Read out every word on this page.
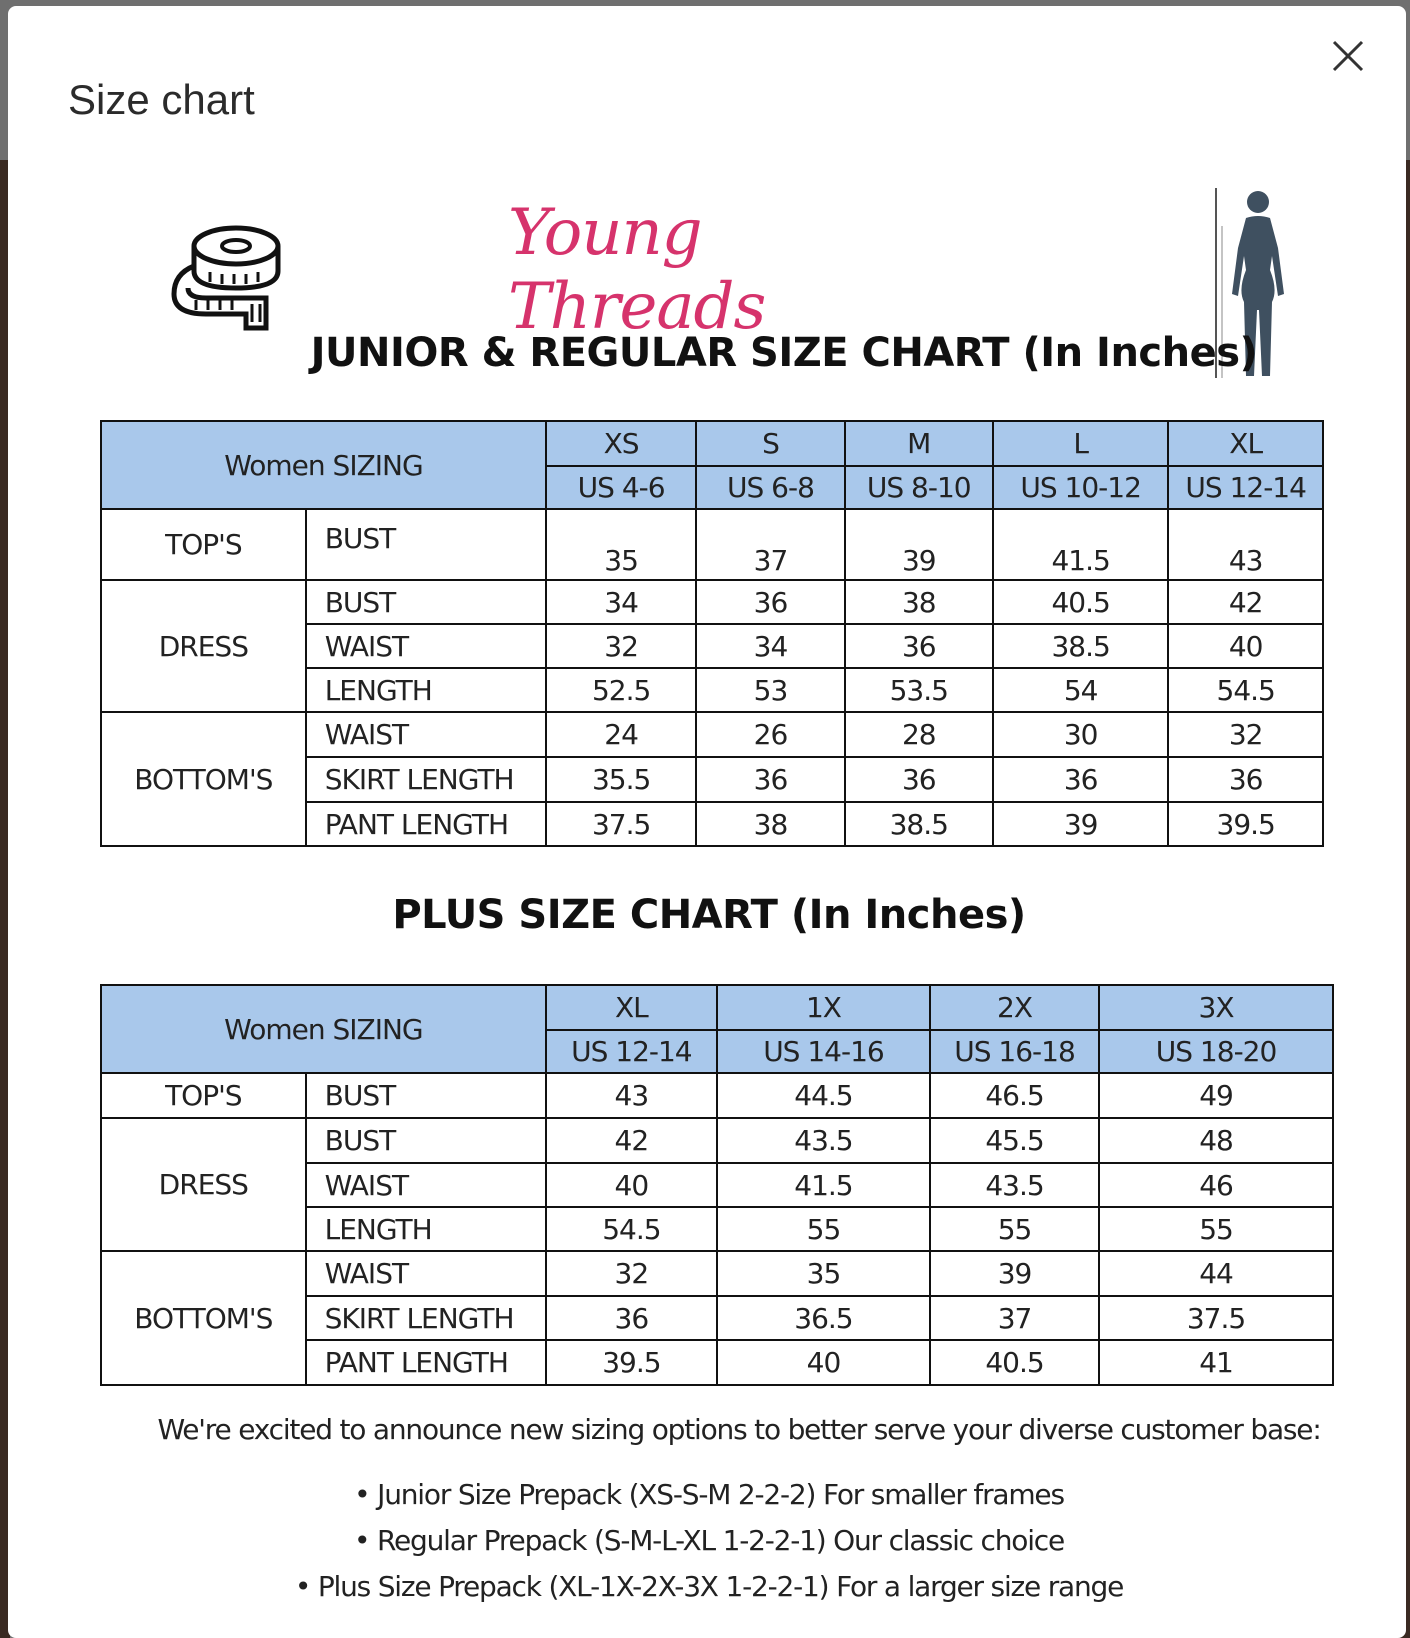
Size chart
Young Threads
JUNIOR & REGULAR SIZE CHART (In Inches)
Women SIZING		XS	S	M	L	XL
		US 4-6	US 6-8	US 8-10	US 10-12	US 12-14
TOP'S	BUST	35	37	39	41.5	43
DRESS	BUST	34	36	38	40.5	42
	WAIST	32	34	36	38.5	40
	LENGTH	52.5	53	53.5	54	54.5
BOTTOM'S	WAIST	24	26	28	30	32
	SKIRT LENGTH	35.5	36	36	36	36
	PANT LENGTH	37.5	38	38.5	39	39.5
PLUS SIZE CHART (In Inches)
Women SIZING		XL	1X	2X	3X
		US 12-14	US 14-16	US 16-18	US 18-20
TOP'S	BUST	43	44.5	46.5	49
DRESS	BUST	42	43.5	45.5	48
	WAIST	40	41.5	43.5	46
	LENGTH	54.5	55	55	55
BOTTOM'S	WAIST	32	35	39	44
	SKIRT LENGTH	36	36.5	37	37.5
	PANT LENGTH	39.5	40	40.5	41
We're excited to announce new sizing options to better serve your diverse customer base:
• Junior Size Prepack (XS-S-M 2-2-2) For smaller frames
• Regular Prepack (S-M-L-XL 1-2-2-1) Our classic choice
• Plus Size Prepack (XL-1X-2X-3X 1-2-2-1) For a larger size range
